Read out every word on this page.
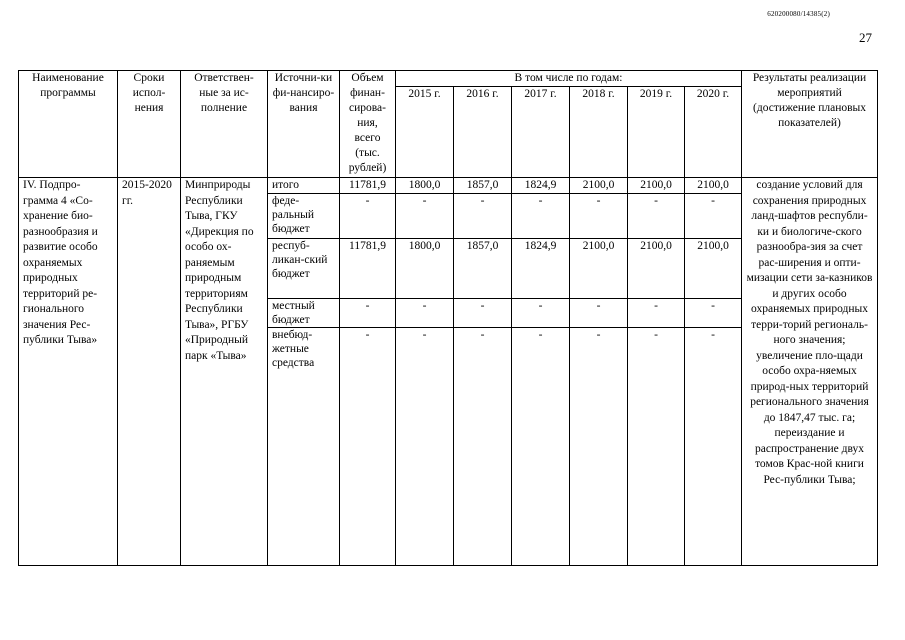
620200080/14385(2)
27
Наименование программы	Сроки испол-нения	Ответствен-ные за ис-полнение	Источни-ки фи-нансиро-вания	Объем финан-сирова-ния, всего (тыс. рублей)	В том числе по годам:						Результаты реализации мероприятий (достижение плановых показателей)
					2015 г.	2016 г.	2017 г.	2018 г.	2019 г.	2020 г.	
IV. Подпро-грамма 4 «Со-хранение био-разнообразия и развитие особо охраняемых природных территорий ре-гионального значения Рес-публики Тыва»	2015-2020 гг.	Минприроды Республики Тыва, ГКУ «Дирекция по особо ох-раняемым природным территориям Республики Тыва», РГБУ «Природный парк «Тыва»	итого	11781,9	1800,0	1857,0	1824,9	2100,0	2100,0	2100,0	создание условий для сохранения природных ланд-шафтов республи-ки и биологиче-ского разнообра-зия за счет рас-ширения и опти-мизации сети за-казников и других особо охраняемых природных терри-торий региональ-ного значения; увеличение пло-щади особо охра-няемых природ-ных территорий регионального значения до 1847,47 тыс. га; переиздание и распространение двух томов Крас-ной книги Рес-публики Тыва;
			феде-ральный бюджет	-	-	-	-	-	-	-	
			респуб-ликан-ский бюджет	11781,9	1800,0	1857,0	1824,9	2100,0	2100,0	2100,0	
			местный бюджет	-	-	-	-	-	-	-	
			внебюд-жетные средства	-	-	-	-	-	-	-	
